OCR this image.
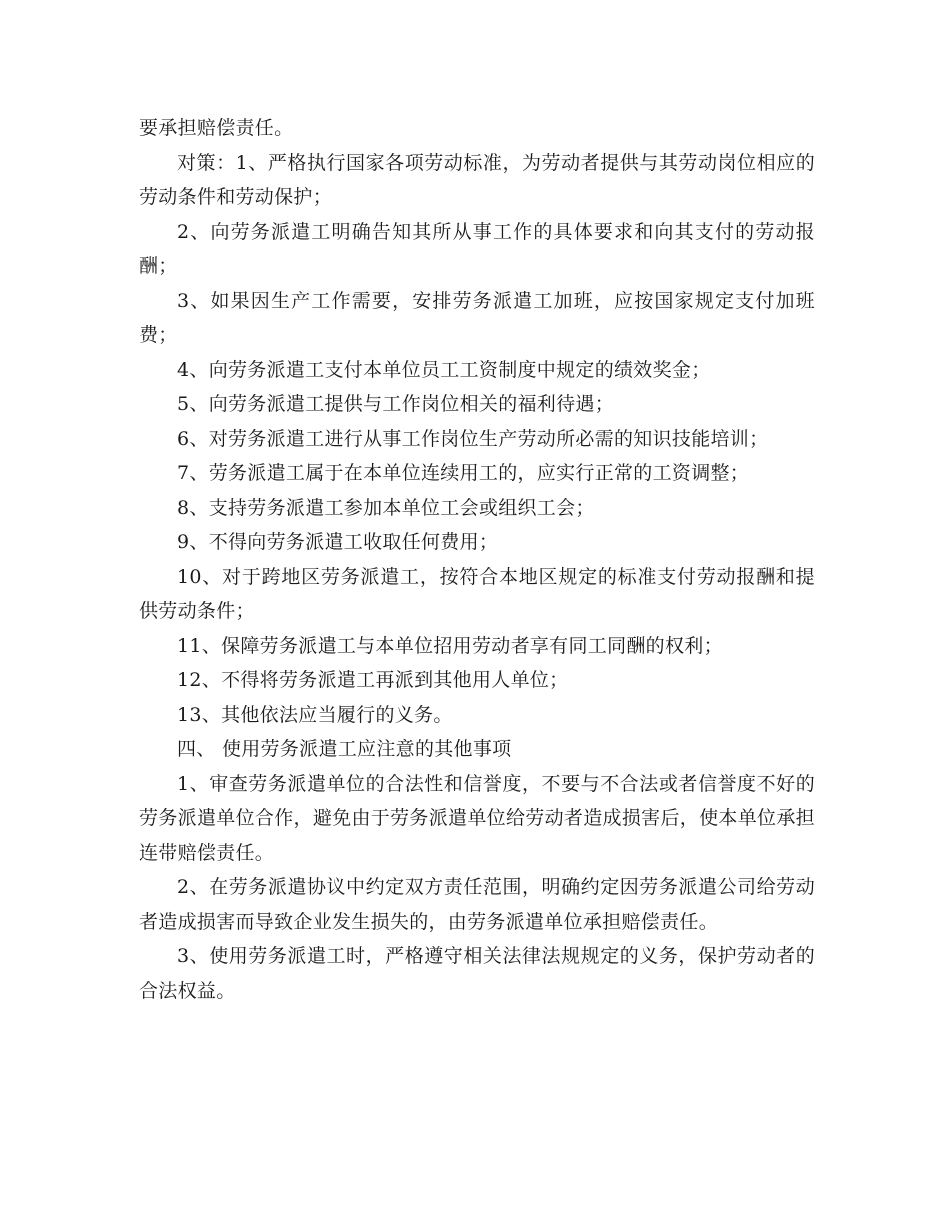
要承担赔偿责任。

对策：1、严格执行国家各项劳动标准，为劳动者提供与其劳动岗位相应的劳动条件和劳动保护；

2、向劳务派遣工明确告知其所从事工作的具体要求和向其支付的劳动报酬；

3、如果因生产工作需要，安排劳务派遣工加班，应按国家规定支付加班费；

4、向劳务派遣工支付本单位员工工资制度中规定的绩效奖金；

5、向劳务派遣工提供与工作岗位相关的福利待遇；

6、对劳务派遣工进行从事工作岗位生产劳动所必需的知识技能培训；

7、劳务派遣工属于在本单位连续用工的，应实行正常的工资调整；

8、支持劳务派遣工参加本单位工会或组织工会；

9、不得向劳务派遣工收取任何费用；

10、对于跨地区劳务派遣工，按符合本地区规定的标准支付劳动报酬和提供劳动条件；

11、保障劳务派遣工与本单位招用劳动者享有同工同酬的权利；

12、不得将劳务派遣工再派到其他用人单位；

13、其他依法应当履行的义务。

四、 使用劳务派遣工应注意的其他事项

1、审查劳务派遣单位的合法性和信誉度，不要与不合法或者信誉度不好的劳务派遣单位合作，避免由于劳务派遣单位给劳动者造成损害后，使本单位承担连带赔偿责任。

2、在劳务派遣协议中约定双方责任范围，明确约定因劳务派遣公司给劳动者造成损害而导致企业发生损失的，由劳务派遣单位承担赔偿责任。

3、使用劳务派遣工时，严格遵守相关法律法规规定的义务，保护劳动者的合法权益。
